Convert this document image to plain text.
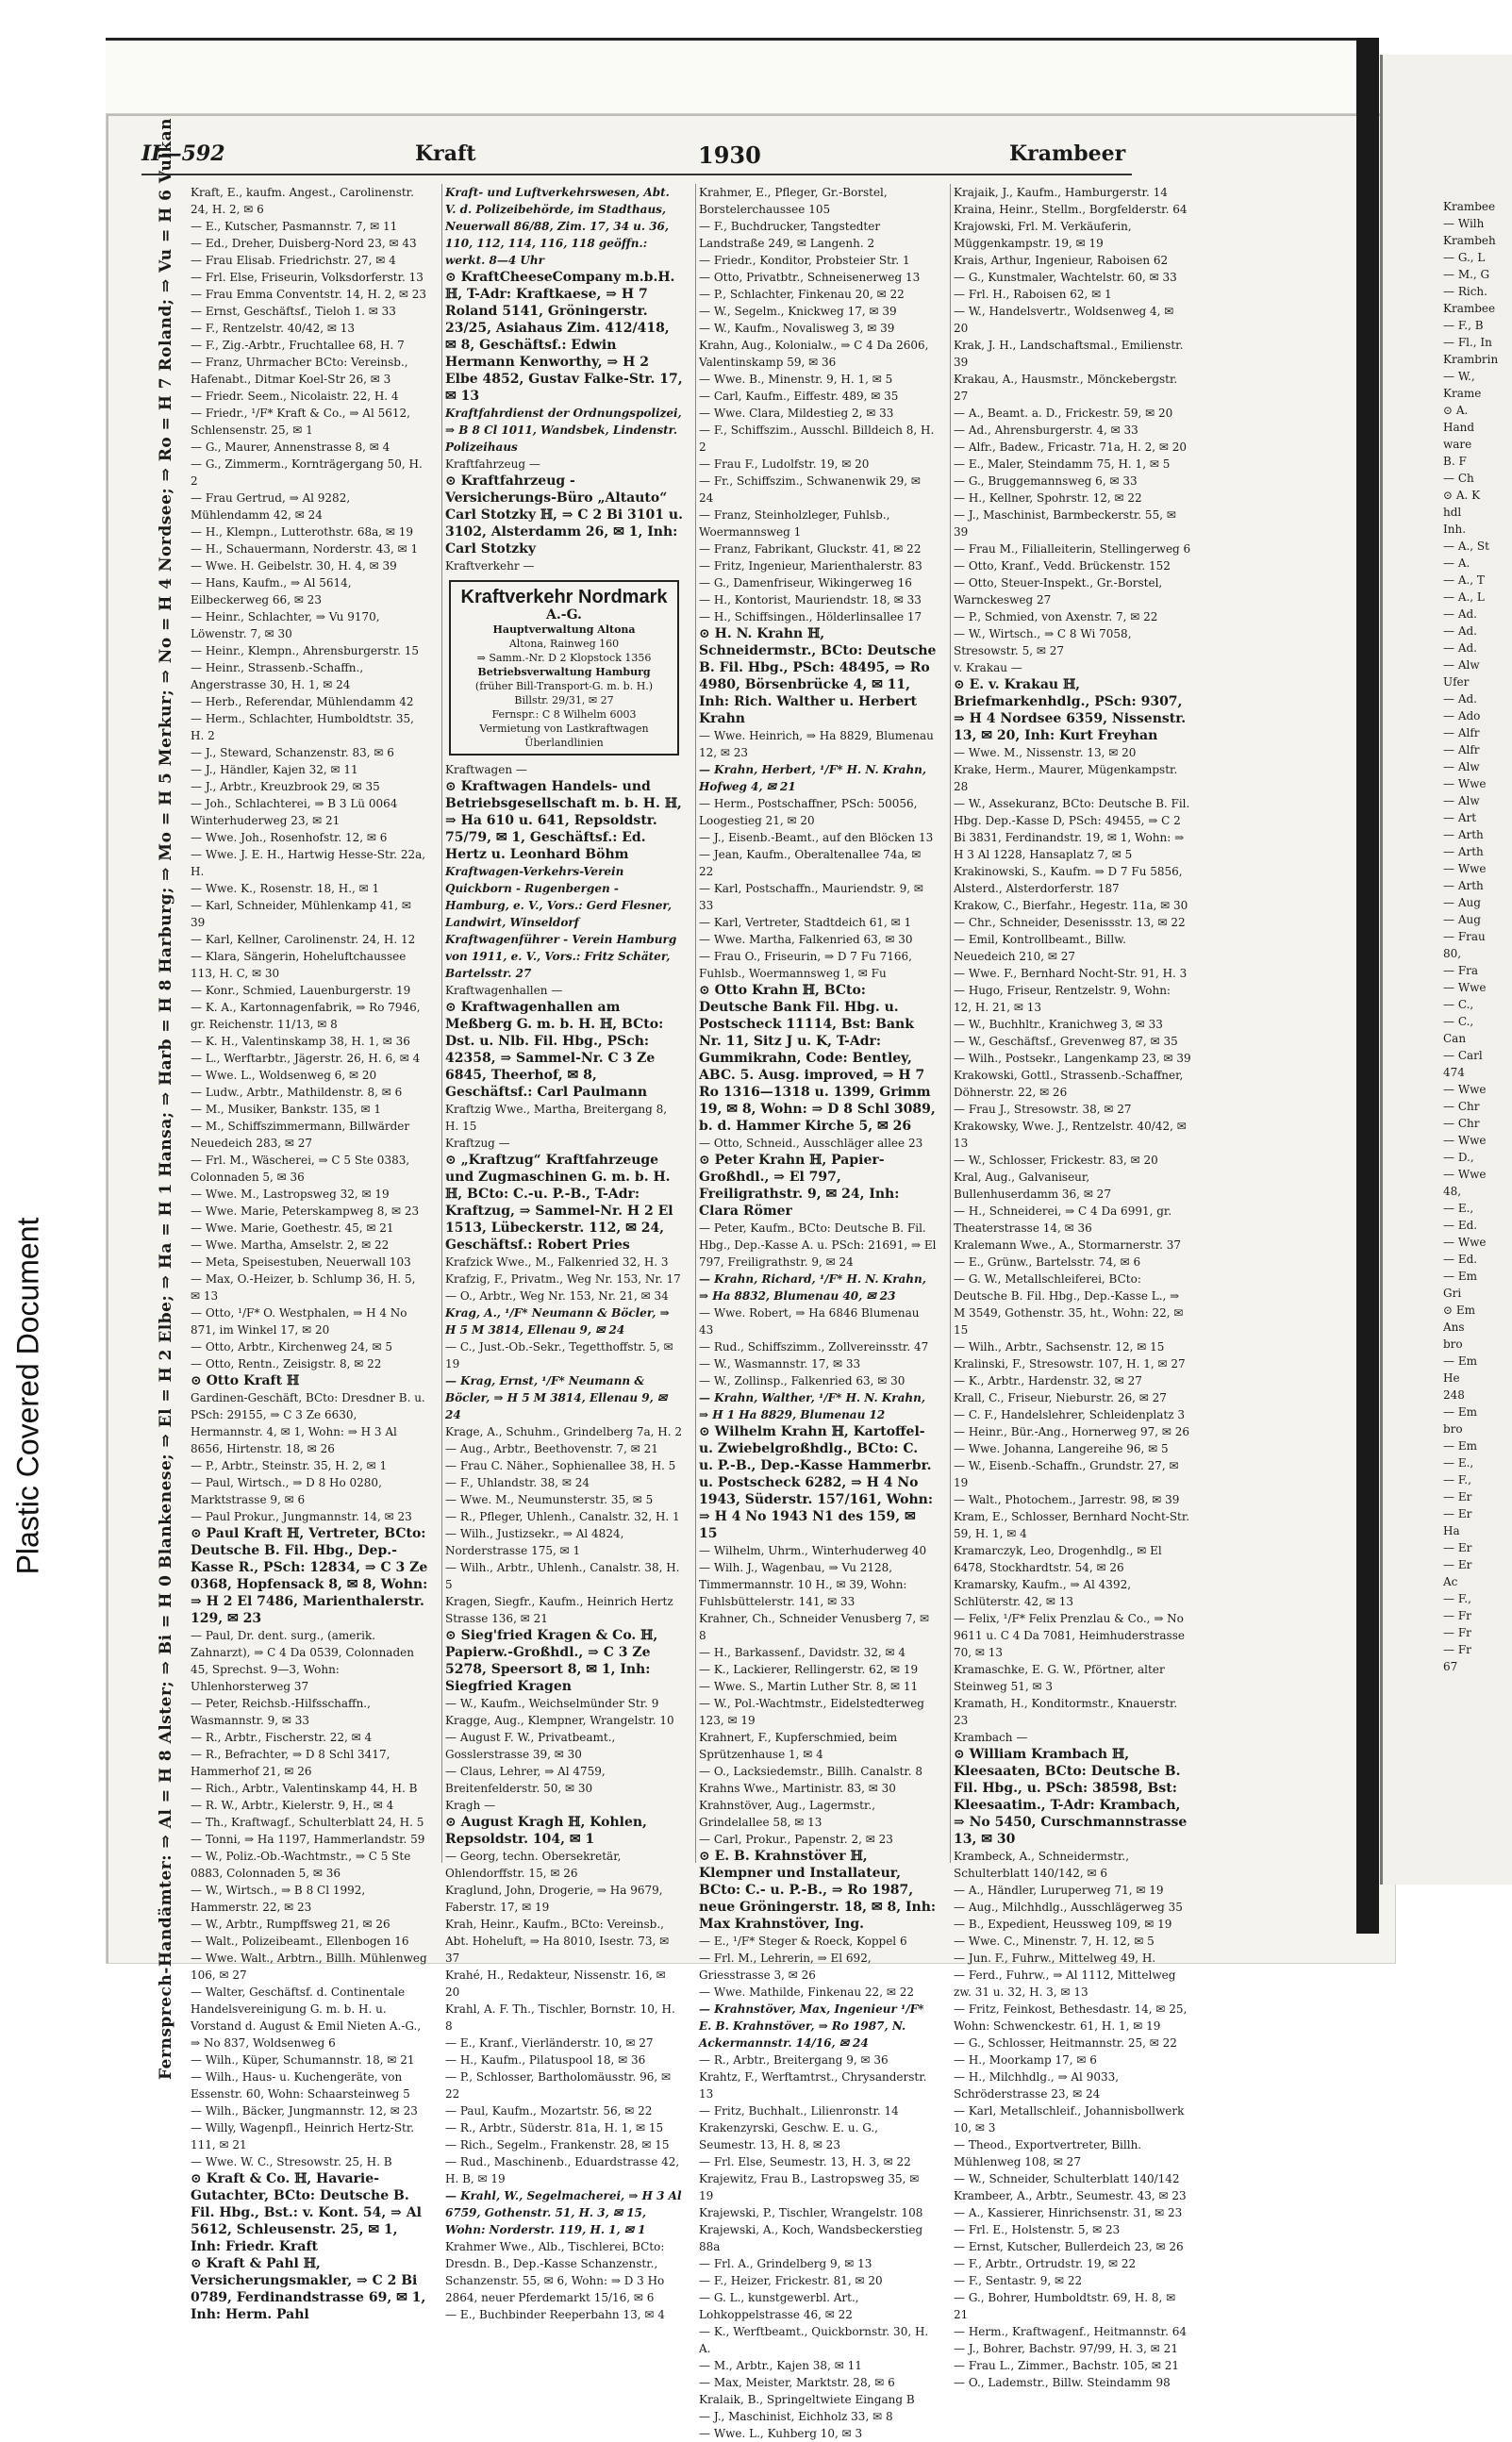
Plastic Covered Document
II—592	Kraft	1930	Krambeer
Fernsprech-Handämter: ⇒ Al = H 8 Alster; ⇒ Bi = H 0 Blankenese; ⇒ El = H 2 Elbe; ⇒ Ha = H 1 Hansa; ⇒ Harb = H 8 Harburg; ⇒ Mo = H 5 Merkur; ⇒ No = H 4 Nordsee; ⇒ Ro = H 7 Roland; ⇒ Vu = H 6 Vulkan Kraft, E., kaufm. Angest., Carolinenstr. 24, H. 2, ✉ 6

— E., Kutscher, Pasmannstr. 7, ✉ 11

— Ed., Dreher, Duisberg-Nord 23, ✉ 43

— Frau Elisab. Friedrichstr. 27, ✉ 4

— Frl. Else, Friseurin, Volksdorferstr. 13

— Frau Emma Conventstr. 14, H. 2, ✉ 23

— Ernst, Geschäftsf., Tieloh 1. ✉ 33

— F., Rentzelstr. 40/42, ✉ 13

— F., Zig.-Arbtr., Fruchtallee 68, H. 7

— Franz, Uhrmacher BCto: Vereinsb., Hafenabt., Ditmar Koel-Str 26, ✉ 3

— Friedr. Seem., Nicolaistr. 22, H. 4

— Friedr., ¹/F* Kraft & Co., ⇒ Al 5612, Schlensenstr. 25, ✉ 1

— G., Maurer, Annenstrasse 8, ✉ 4

— G., Zimmerm., Kornträgergang 50, H. 2

— Frau Gertrud, ⇒ Al 9282, Mühlendamm 42, ✉ 24

— H., Klempn., Lutterothstr. 68a, ✉ 19

— H., Schauermann, Norderstr. 43, ✉ 1

— Wwe. H. Geibelstr. 30, H. 4, ✉ 39

— Hans, Kaufm., ⇒ Al 5614, Eilbeckerweg 66, ✉ 23

— Heinr., Schlachter, ⇒ Vu 9170, Löwenstr. 7, ✉ 30

— Heinr., Klempn., Ahrensburgerstr. 15

— Heinr., Strassenb.-Schaffn., Angerstrasse 30, H. 1, ✉ 24

— Herb., Referendar, Mühlendamm 42

— Herm., Schlachter, Humboldtstr. 35, H. 2

— J., Steward, Schanzenstr. 83, ✉ 6

— J., Händler, Kajen 32, ✉ 11

— J., Arbtr., Kreuzbrook 29, ✉ 35

— Joh., Schlachterei, ⇒ B 3 Lü 0064 Winterhuderweg 23, ✉ 21

— Wwe. Joh., Rosenhofstr. 12, ✉ 6

— Wwe. J. E. H., Hartwig Hesse-Str. 22a, H.

— Wwe. K., Rosenstr. 18, H., ✉ 1

— Karl, Schneider, Mühlenkamp 41, ✉ 39

— Karl, Kellner, Carolinenstr. 24, H. 12

— Klara, Sängerin, Hoheluftchaussee 113, H. C, ✉ 30

— Konr., Schmied, Lauenburgerstr. 19

— K. A., Kartonnagenfabrik, ⇒ Ro 7946, gr. Reichenstr. 11/13, ✉ 8

— K. H., Valentinskamp 38, H. 1, ✉ 36

— L., Werftarbtr., Jägerstr. 26, H. 6, ✉ 4

— Wwe. L., Woldsenweg 6, ✉ 20

— Ludw., Arbtr., Mathildenstr. 8, ✉ 6

— M., Musiker, Bankstr. 135, ✉ 1

— M., Schiffszimmermann, Billwärder Neuedeich 283, ✉ 27

— Frl. M., Wäscherei, ⇒ C 5 Ste 0383, Colonnaden 5, ✉ 36

— Wwe. M., Lastropsweg 32, ✉ 19

— Wwe. Marie, Peterskampweg 8, ✉ 23

— Wwe. Marie, Goethestr. 45, ✉ 21

— Wwe. Martha, Amselstr. 2, ✉ 22

— Meta, Speisestuben, Neuerwall 103

— Max, O.-Heizer, b. Schlump 36, H. 5, ✉ 13

— Otto, ¹/F* O. Westphalen, ⇒ H 4 No 871, im Winkel 17, ✉ 20

— Otto, Arbtr., Kirchenweg 24, ✉ 5

— Otto, Rentn., Zeisigstr. 8, ✉ 22

⊙ Otto Kraft ℍ

Gardinen-Geschäft, BCto: Dresdner B. u. PSch: 29155, ⇒ C 3 Ze 6630, Hermannstr. 4, ✉ 1, Wohn: ⇒ H 3 Al 8656, Hirtenstr. 18, ✉ 26

— P., Arbtr., Steinstr. 35, H. 2, ✉ 1

— Paul, Wirtsch., ⇒ D 8 Ho 0280, Marktstrasse 9, ✉ 6

— Paul Prokur., Jungmannstr. 14, ✉ 23

⊙ Paul Kraft ℍ, Vertreter, BCto: Deutsche B. Fil. Hbg., Dep.-Kasse R., PSch: 12834, ⇒ C 3 Ze 0368, Hopfensack 8, ✉ 8, Wohn: ⇒ H 2 El 7486, Marienthalerstr. 129, ✉ 23

— Paul, Dr. dent. surg., (amerik. Zahnarzt), ⇒ C 4 Da 0539, Colonnaden 45, Sprechst. 9—3, Wohn: Uhlenhorsterweg 37

— Peter, Reichsb.-Hilfsschaffn., Wasmannstr. 9, ✉ 33

— R., Arbtr., Fischerstr. 22, ✉ 4

— R., Befrachter, ⇒ D 8 Schl 3417, Hammerhof 21, ✉ 26

— Rich., Arbtr., Valentinskamp 44, H. B

— R. W., Arbtr., Kielerstr. 9, H., ✉ 4

— Th., Kraftwagf., Schulterblatt 24, H. 5

— Tonni, ⇒ Ha 1197, Hammerlandstr. 59

— W., Poliz.-Ob.-Wachtmstr., ⇒ C 5 Ste 0883, Colonnaden 5, ✉ 36

— W., Wirtsch., ⇒ B 8 Cl 1992, Hammerstr. 22, ✉ 23

— W., Arbtr., Rumpffsweg 21, ✉ 26

— Walt., Polizeibeamt., Ellenbogen 16

— Wwe. Walt., Arbtrn., Billh. Mühlenweg 106, ✉ 27

— Walter, Geschäftsf. d. Continentale Handelsvereinigung G. m. b. H. u. Vorstand d. August & Emil Nieten A.-G., ⇒ No 837, Woldsenweg 6

— Wilh., Küper, Schumannstr. 18, ✉ 21

— Wilh., Haus- u. Kuchengeräte, von Essenstr. 60, Wohn: Schaarsteinweg 5

— Wilh., Bäcker, Jungmannstr. 12, ✉ 23

— Willy, Wagenpfl., Heinrich Hertz-Str. 111, ✉ 21

— Wwe. W. C., Stresowstr. 25, H. B

⊙ Kraft & Co. ℍ, Havarie-Gutachter, BCto: Deutsche B. Fil. Hbg., Bst.: v. Kont. 54, ⇒ Al 5612, Schleusenstr. 25, ✉ 1, Inh: Friedr. Kraft

⊙ Kraft & Pahl ℍ, Versicherungsmakler, ⇒ C 2 Bi 0789, Ferdinandstrasse 69, ✉ 1, Inh: Herm. Pahl

Kraft- und Luftverkehrswesen, Abt. V. d. Polizeibehörde, im Stadthaus, Neuerwall 86/88, Zim. 17, 34 u. 36, 110, 112, 114, 116, 118 geöffn.: werkt. 8—4 Uhr

⊙ KraftCheeseCompany m.b.H. ℍ, T-Adr: Kraftkaese, ⇒ H 7 Roland 5141, Gröningerstr. 23/25, Asiahaus Zim. 412/418, ✉ 8, Geschäftsf.: Edwin Hermann Kenworthy, ⇒ H 2 Elbe 4852, Gustav Falke-Str. 17, ✉ 13

Kraftfahrdienst der Ordnungspolizei, ⇒ B 8 Cl 1011, Wandsbek, Lindenstr. Polizeihaus

Kraftfahrzeug —

⊙ Kraftfahrzeug - Versicherungs-Büro „Altauto“ Carl Stotzky ℍ, ⇒ C 2 Bi 3101 u. 3102, Alsterdamm 26, ✉ 1, Inh: Carl Stotzky

Kraftverkehr —

Kraftverkehr Nordmark
A.-G.
Hauptverwaltung Altona
Altona, Rainweg 160
⇒ Samm.-Nr. D 2 Klopstock 1356
Betriebsverwaltung Hamburg
(früher Bill-Transport-G. m. b. H.)
Billstr. 29/31, ✉ 27
Fernspr.: C 8 Wilhelm 6003
Vermietung von Lastkraftwagen
Überlandlinien

Kraftwagen —

⊙ Kraftwagen Handels- und Betriebsgesellschaft m. b. H. ℍ, ⇒ Ha 610 u. 641, Repsoldstr. 75/79, ✉ 1, Geschäftsf.: Ed. Hertz u. Leonhard Böhm

Kraftwagen-Verkehrs-Verein Quickborn - Rugenbergen - Hamburg, e. V., Vors.: Gerd Flesner, Landwirt, Winseldorf

Kraftwagenführer - Verein Hamburg von 1911, e. V., Vors.: Fritz Schäter, Bartelsstr. 27

Kraftwagenhallen —

⊙ Kraftwagenhallen am Meßberg G. m. b. H. ℍ, BCto: Dst. u. Nlb. Fil. Hbg., PSch: 42358, ⇒ Sammel-Nr. C 3 Ze 6845, Theerhof, ✉ 8, Geschäftsf.: Carl Paulmann

Kraftzig Wwe., Martha, Breitergang 8, H. 15

Kraftzug —

⊙ „Kraftzug“ Kraftfahrzeuge und Zugmaschinen G. m. b. H. ℍ, BCto: C.-u. P.-B., T-Adr: Kraftzug, ⇒ Sammel-Nr. H 2 El 1513, Lübeckerstr. 112, ✉ 24, Geschäftsf.: Robert Pries

Krafzick Wwe., M., Falkenried 32, H. 3

Krafzig, F., Privatm., Weg Nr. 153, Nr. 17

— O., Arbtr., Weg Nr. 153, Nr. 21, ✉ 34

Krag, A., ¹/F* Neumann & Böcler, ⇒ H 5 M 3814, Ellenau 9, ✉ 24

— C., Just.-Ob.-Sekr., Tegetthoffstr. 5, ✉ 19

— Krag, Ernst, ¹/F* Neumann & Böcler, ⇒ H 5 M 3814, Ellenau 9, ✉ 24

Krage, A., Schuhm., Grindelberg 7a, H. 2

— Aug., Arbtr., Beethovenstr. 7, ✉ 21

— Frau C. Näher., Sophienallee 38, H. 5

— F., Uhlandstr. 38, ✉ 24

— Wwe. M., Neumunsterstr. 35, ✉ 5

— R., Pfleger, Uhlenh., Canalstr. 32, H. 1

— Wilh., Justizsekr., ⇒ Al 4824, Norderstrasse 175, ✉ 1

— Wilh., Arbtr., Uhlenh., Canalstr. 38, H. 5

Kragen, Siegfr., Kaufm., Heinrich Hertz Strasse 136, ✉ 21

⊙ Sieg'fried Kragen & Co. ℍ, Papierw.-Großhdl., ⇒ C 3 Ze 5278, Speersort 8, ✉ 1, Inh: Siegfried Kragen

— W., Kaufm., Weichselmünder Str. 9

Kragge, Aug., Klempner, Wrangelstr. 10

— August F. W., Privatbeamt., Gosslerstrasse 39, ✉ 30

— Claus, Lehrer, ⇒ Al 4759, Breitenfelderstr. 50, ✉ 30

Kragh —

⊙ August Kragh ℍ, Kohlen, Repsoldstr. 104, ✉ 1

— Georg, techn. Obersekretär, Ohlendorffstr. 15, ✉ 26

Kraglund, John, Drogerie, ⇒ Ha 9679, Faberstr. 17, ✉ 19

Krah, Heinr., Kaufm., BCto: Vereinsb., Abt. Hoheluft, ⇒ Ha 8010, Isestr. 73, ✉ 37

Krahé, H., Redakteur, Nissenstr. 16, ✉ 20

Krahl, A. F. Th., Tischler, Bornstr. 10, H. 8

— E., Kranf., Vierländerstr. 10, ✉ 27

— H., Kaufm., Pilatuspool 18, ✉ 36

— P., Schlosser, Bartholomäusstr. 96, ✉ 22

— Paul, Kaufm., Mozartstr. 56, ✉ 22

— R., Arbtr., Süderstr. 81a, H. 1, ✉ 15

— Rich., Segelm., Frankenstr. 28, ✉ 15

— Rud., Maschinenb., Eduardstrasse 42, H. B, ✉ 19

— Krahl, W., Segelmacherei, ⇒ H 3 Al 6759, Gothenstr. 51, H. 3, ✉ 15, Wohn: Norderstr. 119, H. 1, ✉ 1

Krahmer Wwe., Alb., Tischlerei, BCto: Dresdn. B., Dep.-Kasse Schanzenstr., Schanzenstr. 55, ✉ 6, Wohn: ⇒ D 3 Ho 2864, neuer Pferdemarkt 15/16, ✉ 6

— E., Buchbinder Reeperbahn 13, ✉ 4

Krahmer, E., Pfleger, Gr.-Borstel, Borstelerchaussee 105

— F., Buchdrucker, Tangstedter Landstraße 249, ✉ Langenh. 2

— Friedr., Konditor, Probsteier Str. 1

— Otto, Privatbtr., Schneisenerweg 13

— P., Schlachter, Finkenau 20, ✉ 22

— W., Segelm., Knickweg 17, ✉ 39

— W., Kaufm., Novalisweg 3, ✉ 39

Krahn, Aug., Kolonialw., ⇒ C 4 Da 2606, Valentinskamp 59, ✉ 36

— Wwe. B., Minenstr. 9, H. 1, ✉ 5

— Carl, Kaufm., Eiffestr. 489, ✉ 35

— Wwe. Clara, Mildestieg 2, ✉ 33

— F., Schiffszim., Ausschl. Billdeich 8, H. 2

— Frau F., Ludolfstr. 19, ✉ 20

— Fr., Schiffszim., Schwanenwik 29, ✉ 24

— Franz, Steinholzleger, Fuhlsb., Woermannsweg 1

— Franz, Fabrikant, Gluckstr. 41, ✉ 22

— Fritz, Ingenieur, Marienthalerstr. 83

— G., Damenfriseur, Wikingerweg 16

— H., Kontorist, Mauriendstr. 18, ✉ 33

— H., Schiffsingen., Hölderlinsallee 17

⊙ H. N. Krahn ℍ, Schneidermstr., BCto: Deutsche B. Fil. Hbg., PSch: 48495, ⇒ Ro 4980, Börsenbrücke 4, ✉ 11, Inh: Rich. Walther u. Herbert Krahn

— Wwe. Heinrich, ⇒ Ha 8829, Blumenau 12, ✉ 23

— Krahn, Herbert, ¹/F* H. N. Krahn, Hofweg 4, ✉ 21

— Herm., Postschaffner, PSch: 50056, Loogestieg 21, ✉ 20

— J., Eisenb.-Beamt., auf den Blöcken 13

— Jean, Kaufm., Oberaltenallee 74a, ✉ 22

— Karl, Postschaffn., Mauriendstr. 9, ✉ 33

— Karl, Vertreter, Stadtdeich 61, ✉ 1

— Wwe. Martha, Falkenried 63, ✉ 30

— Frau O., Friseurin, ⇒ D 7 Fu 7166, Fuhlsb., Woermannsweg 1, ✉ Fu

⊙ Otto Krahn ℍ, BCto: Deutsche Bank Fil. Hbg. u. Postscheck 11114, Bst: Bank Nr. 11, Sitz J u. K, T-Adr: Gummikrahn, Code: Bentley, ABC. 5. Ausg. improved, ⇒ H 7 Ro 1316—1318 u. 1399, Grimm 19, ✉ 8, Wohn: ⇒ D 8 Schl 3089, b. d. Hammer Kirche 5, ✉ 26

— Otto, Schneid., Ausschläger allee 23

⊙ Peter Krahn ℍ, Papier-Großhdl., ⇒ El 797, Freiligrathstr. 9, ✉ 24, Inh: Clara Römer

— Peter, Kaufm., BCto: Deutsche B. Fil. Hbg., Dep.-Kasse A. u. PSch: 21691, ⇒ El 797, Freiligrathstr. 9, ✉ 24

— Krahn, Richard, ¹/F* H. N. Krahn, ⇒ Ha 8832, Blumenau 40, ✉ 23

— Wwe. Robert, ⇒ Ha 6846 Blumenau 43

— Rud., Schiffszimm., Zollvereinsstr. 47

— W., Wasmannstr. 17, ✉ 33

— W., Zollinsp., Falkenried 63, ✉ 30

— Krahn, Walther, ¹/F* H. N. Krahn, ⇒ H 1 Ha 8829, Blumenau 12

⊙ Wilhelm Krahn ℍ, Kartoffel- u. Zwiebelgroßhdlg., BCto: C. u. P.-B., Dep.-Kasse Hammerbr. u. Postscheck 6282, ⇒ H 4 No 1943, Süderstr. 157/161, Wohn: ⇒ H 4 No 1943 N1 des 159, ✉ 15

— Wilhelm, Uhrm., Winterhuderweg 40

— Wilh. J., Wagenbau, ⇒ Vu 2128, Timmermannstr. 10 H., ✉ 39, Wohn: Fuhlsbüttelerstr. 141, ✉ 33

Krahner, Ch., Schneider Venusberg 7, ✉ 8

— H., Barkassenf., Davidstr. 32, ✉ 4

— K., Lackierer, Rellingerstr. 62, ✉ 19

— Wwe. S., Martin Luther Str. 8, ✉ 11

— W., Pol.-Wachtmstr., Eidelstedterweg 123, ✉ 19

Krahnert, F., Kupferschmied, beim Sprützenhause 1, ✉ 4

— O., Lacksiedemstr., Billh. Canalstr. 8

Krahns Wwe., Martinistr. 83, ✉ 30

Krahnstöver, Aug., Lagermstr., Grindelallee 58, ✉ 13

— Carl, Prokur., Papenstr. 2, ✉ 23

⊙ E. B. Krahnstöver ℍ, Klempner und Installateur, BCto: C.- u. P.-B., ⇒ Ro 1987, neue Gröningerstr. 18, ✉ 8, Inh: Max Krahnstöver, Ing.

— E., ¹/F* Steger & Roeck, Koppel 6

— Frl. M., Lehrerin, ⇒ El 692, Griesstrasse 3, ✉ 26

— Wwe. Mathilde, Finkenau 22, ✉ 22

— Krahnstöver, Max, Ingenieur ¹/F* E. B. Krahnstöver, ⇒ Ro 1987, N. Ackermannstr. 14/16, ✉ 24

— R., Arbtr., Breitergang 9, ✉ 36

Krahtz, F., Werftamtrst., Chrysanderstr. 13

— Fritz, Buchhalt., Lilienronstr. 14

Krakenzyrski, Geschw. E. u. G., Seumestr. 13, H. 8, ✉ 23

— Frl. Else, Seumestr. 13, H. 3, ✉ 22

Krajewitz, Frau B., Lastropsweg 35, ✉ 19

Krajewski, P., Tischler, Wrangelstr. 108

Krajewski, A., Koch, Wandsbeckerstieg 88a

— Frl. A., Grindelberg 9, ✉ 13

— F., Heizer, Frickestr. 81, ✉ 20

— G. L., kunstgewerbl. Art., Lohkoppelstrasse 46, ✉ 22

— K., Werftbeamt., Quickbornstr. 30, H. A.

— M., Arbtr., Kajen 38, ✉ 11

— Max, Meister, Marktstr. 28, ✉ 6

Kralaik, B., Springeltwiete Eingang B

— J., Maschinist, Eichholz 33, ✉ 8

— Wwe. L., Kuhberg 10, ✉ 3

Krajaik, J., Kaufm., Hamburgerstr. 14

Kraina, Heinr., Stellm., Borgfelderstr. 64

Krajowski, Frl. M. Verkäuferin, Müggenkampstr. 19, ✉ 19

Krais, Arthur, Ingenieur, Raboisen 62

— G., Kunstmaler, Wachtelstr. 60, ✉ 33

— Frl. H., Raboisen 62, ✉ 1

— W., Handelsvertr., Woldsenweg 4, ✉ 20

Krak, J. H., Landschaftsmal., Emilienstr. 39

Krakau, A., Hausmstr., Mönckebergstr. 27

— A., Beamt. a. D., Frickestr. 59, ✉ 20

— Ad., Ahrensburgerstr. 4, ✉ 33

— Alfr., Badew., Fricastr. 71a, H. 2, ✉ 20

— E., Maler, Steindamm 75, H. 1, ✉ 5

— G., Bruggemannsweg 6, ✉ 33

— H., Kellner, Spohrstr. 12, ✉ 22

— J., Maschinist, Barmbeckerstr. 55, ✉ 39

— Frau M., Filialleiterin, Stellingerweg 6

— Otto, Kranf., Vedd. Brückenstr. 152

— Otto, Steuer-Inspekt., Gr.-Borstel, Warnckesweg 27

— P., Schmied, von Axenstr. 7, ✉ 22

— W., Wirtsch., ⇒ C 8 Wi 7058, Stresowstr. 5, ✉ 27

v. Krakau —

⊙ E. v. Krakau ℍ, Briefmarkenhdlg., PSch: 9307, ⇒ H 4 Nordsee 6359, Nissenstr. 13, ✉ 20, Inh: Kurt Freyhan

— Wwe. M., Nissenstr. 13, ✉ 20

Krake, Herm., Maurer, Mügenkampstr. 28

— W., Assekuranz, BCto: Deutsche B. Fil. Hbg. Dep.-Kasse D, PSch: 49455, ⇒ C 2 Bi 3831, Ferdinandstr. 19, ✉ 1, Wohn: ⇒ H 3 Al 1228, Hansaplatz 7, ✉ 5

Krakinowski, S., Kaufm. ⇒ D 7 Fu 5856, Alsterd., Alsterdorferstr. 187

Krakow, C., Bierfahr., Hegestr. 11a, ✉ 30

— Chr., Schneider, Desenissstr. 13, ✉ 22

— Emil, Kontrollbeamt., Billw. Neuedeich 210, ✉ 27

— Wwe. F., Bernhard Nocht-Str. 91, H. 3

— Hugo, Friseur, Rentzelstr. 9, Wohn: 12, H. 21, ✉ 13

— W., Buchhltr., Kranichweg 3, ✉ 33

— W., Geschäftsf., Grevenweg 87, ✉ 35

— Wilh., Postsekr., Langenkamp 23, ✉ 39

Krakowski, Gottl., Strassenb.-Schaffner, Döhnerstr. 22, ✉ 26

— Frau J., Stresowstr. 38, ✉ 27

Krakowsky, Wwe. J., Rentzelstr. 40/42, ✉ 13

— W., Schlosser, Frickestr. 83, ✉ 20

Kral, Aug., Galvaniseur, Bullenhuserdamm 36, ✉ 27

— H., Schneiderei, ⇒ C 4 Da 6991, gr. Theaterstrasse 14, ✉ 36

Kralemann Wwe., A., Stormarnerstr. 37

— E., Grünw., Bartelsstr. 74, ✉ 6

— G. W., Metallschleiferei, BCto: Deutsche B. Fil. Hbg., Dep.-Kasse L., ⇒ M 3549, Gothenstr. 35, ht., Wohn: 22, ✉ 15

— Wilh., Arbtr., Sachsenstr. 12, ✉ 15

Kralinski, F., Stresowstr. 107, H. 1, ✉ 27

— K., Arbtr., Hardenstr. 32, ✉ 27

Krall, C., Friseur, Nieburstr. 26, ✉ 27

— C. F., Handelslehrer, Schleidenplatz 3

— Heinr., Bür.-Ang., Hornerweg 97, ✉ 26

— Wwe. Johanna, Langereihe 96, ✉ 5

— W., Eisenb.-Schaffn., Grundstr. 27, ✉ 19

— Walt., Photochem., Jarrestr. 98, ✉ 39

Kram, E., Schlosser, Bernhard Nocht-Str. 59, H. 1, ✉ 4

Kramarczyk, Leo, Drogenhdlg., ✉ El 6478, Stockhardtstr. 54, ✉ 26

Kramarsky, Kaufm., ⇒ Al 4392, Schlüterstr. 42, ✉ 13

— Felix, ¹/F* Felix Prenzlau & Co., ⇒ No 9611 u. C 4 Da 7081, Heimhuderstrasse 70, ✉ 13

Kramaschke, E. G. W., Pförtner, alter Steinweg 51, ✉ 3

Kramath, H., Konditormstr., Knauerstr. 23

Krambach —

⊙ William Krambach ℍ, Kleesaaten, BCto: Deutsche B. Fil. Hbg., u. PSch: 38598, Bst: Kleesaatim., T-Adr: Krambach, ⇒ No 5450, Curschmannstrasse 13, ✉ 30

Krambeck, A., Schneidermstr., Schulterblatt 140/142, ✉ 6

— A., Händler, Luruperweg 71, ✉ 19

— Aug., Milchhdlg., Ausschlägerweg 35

— B., Expedient, Heussweg 109, ✉ 19

— Wwe. C., Minenstr. 7, H. 12, ✉ 5

— Jun. F., Fuhrw., Mittelweg 49, H.

— Ferd., Fuhrw., ⇒ Al 1112, Mittelweg zw. 31 u. 32, H. 3, ✉ 13

— Fritz, Feinkost, Bethesdastr. 14, ✉ 25, Wohn: Schwenckestr. 61, H. 1, ✉ 19

— G., Schlosser, Heitmannstr. 25, ✉ 22

— H., Moorkamp 17, ✉ 6

— H., Milchhdlg., ⇒ Al 9033, Schröderstrasse 23, ✉ 24

— Karl, Metallschleif., Johannisbollwerk 10, ✉ 3

— Theod., Exportvertreter, Billh. Mühlenweg 108, ✉ 27

— W., Schneider, Schulterblatt 140/142

Krambeer, A., Arbtr., Seumestr. 43, ✉ 23

— A., Kassierer, Hinrichsenstr. 31, ✉ 23

— Frl. E., Holstenstr. 5, ✉ 23

— Ernst, Kutscher, Bullerdeich 23, ✉ 26

— F., Arbtr., Ortrudstr. 19, ✉ 22

— F., Sentastr. 9, ✉ 22

— G., Bohrer, Humboldtstr. 69, H. 8, ✉ 21

— Herm., Kraftwagenf., Heitmannstr. 64

— J., Bohrer, Bachstr. 97/99, H. 3, ✉ 21

— Frau L., Zimmer., Bachstr. 105, ✉ 21

— O., Lademstr., Billw. Steindamm 98

Krambee

— Wilh

Krambeh

— G., L

— M., G

— Rich.

Krambee

— F., B

— Fl., In

Krambrin

— W.,

Krame

⊙ A.

Hand

ware

B. F

— Ch

⊙ A. K

hdl

Inh.

— A., St

— A.

— A., T

— A., L

— Ad.

— Ad.

— Ad.

— Alw

Ufer

— Ad.

— Ado

— Alfr

— Alfr

— Alw

— Wwe

— Alw

— Art

— Arth

— Arth

— Wwe

— Arth

— Aug

— Aug

— Frau

80,

— Fra

— Wwe

— C.,

— C.,

Can

— Carl

474

— Wwe

— Chr

— Chr

— Wwe

— D.,

— Wwe

48,

— E.,

— Ed.

— Wwe

— Ed.

— Em

Gri

⊙ Em

Ans

bro

— Em

He

248

— Em

bro

— Em

— E.,

— F.,

— Er

— Er

Ha

— Er

— Er

Ac

— F.,

— Fr

— Fr

— Fr

67
